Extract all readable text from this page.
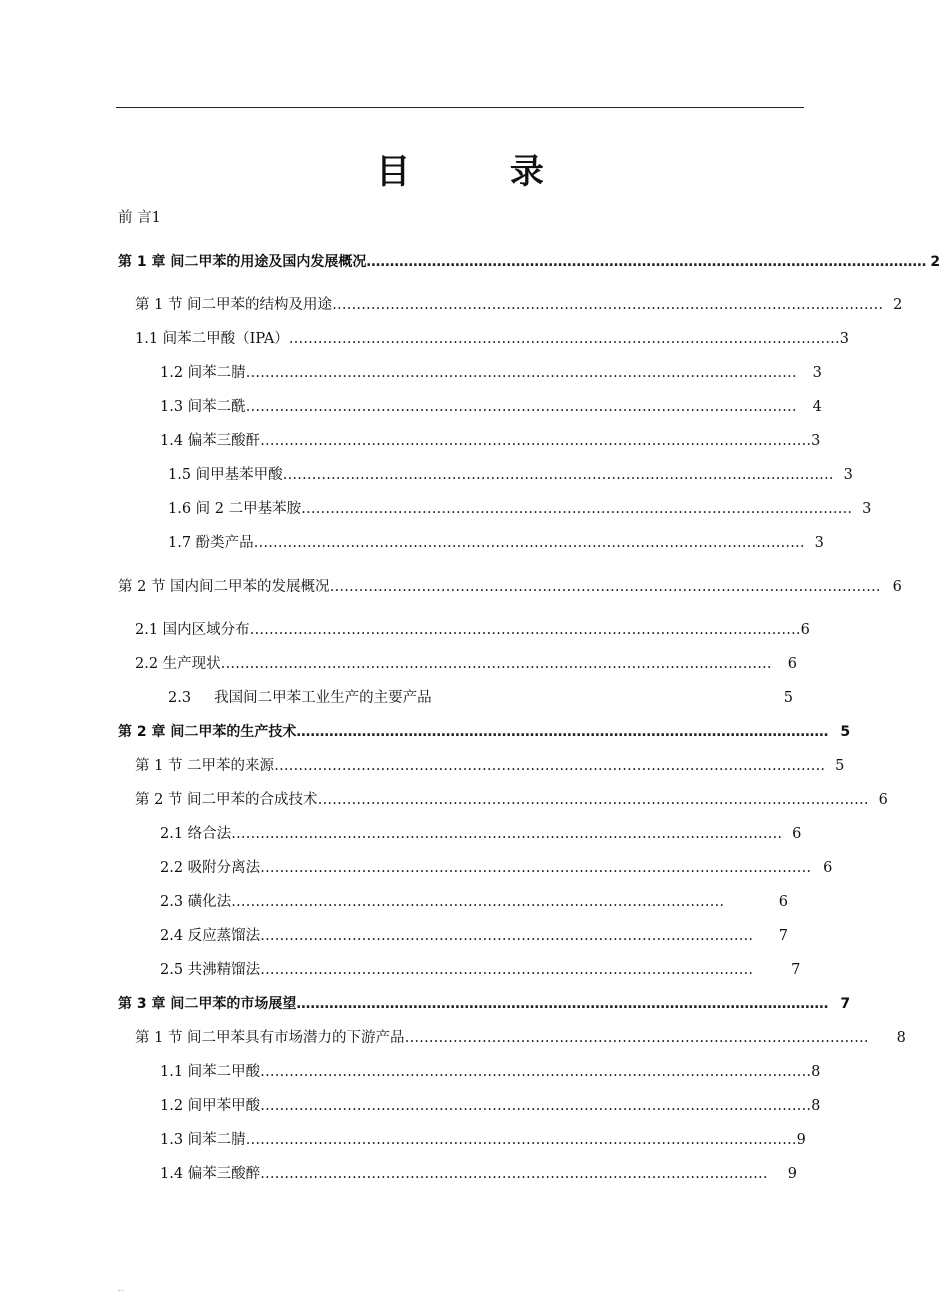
目 录
前 言1
第 1 章 间二甲苯的用途及国内发展概况 ………………………………………………………………………………………………………… 2
第 1 节 间二甲苯的结构及用途 …………………………………………………………………………………………………… 2
1.1 间苯二甲酸（IPA） …………………………………………………………………………………………………… 3
1.2 间苯二腈 ……………………………………………………………………………………………………	3
1.3 间苯二酰 ……………………………………………………………………………………………………	4
1.4 偏苯三酸酐 …………………………………………………………………………………………………… 3
1.5 间甲基苯甲酸 …………………………………………………………………………………………………… 3
1.6 间 2 二甲基苯胺 …………………………………………………………………………………………………… 3
1.7 酚类产品 …………………………………………………………………………………………………… 3
第 2 节 国内间二甲苯的发展概况 …………………………………………………………………………………………………… 6
2.1 国内区域分布 …………………………………………………………………………………………………… 6
2.2 生产现状 ……………………………………………………………………………………………………	6
2.3     我国间二甲苯工业生产的主要产品	5
第 2 章 间二甲苯的生产技术 …………………………………………………………………………………………………… 5
第 1 节 二甲苯的来源 …………………………………………………………………………………………………… 5
第 2 节 间二甲苯的合成技术 …………………………………………………………………………………………………… 6
2.1 络合法 …………………………………………………………………………………………………… 6
2.2 吸附分离法 …………………………………………………………………………………………………… 6
2.3 磺化法 …………………………………………………………………………………………	6
2.4 反应蒸馏法 …………………………………………………………………………………………	7
2.5 共沸精馏法 …………………………………………………………………………………………	7
第 3 章 间二甲苯的市场展望 …………………………………………………………………………………………………… 7
第 1 节 间二甲苯具有市场潜力的下游产品 ……………………………………………………………………………………	8
1.1 间苯二甲酸 …………………………………………………………………………………………………… 8
1.2 间甲苯甲酸 …………………………………………………………………………………………………… 8
1.3 间苯二腈 …………………………………………………………………………………………………… 9
1.4 偏苯三酸醉 ……………………………………………………………………………………………	9
